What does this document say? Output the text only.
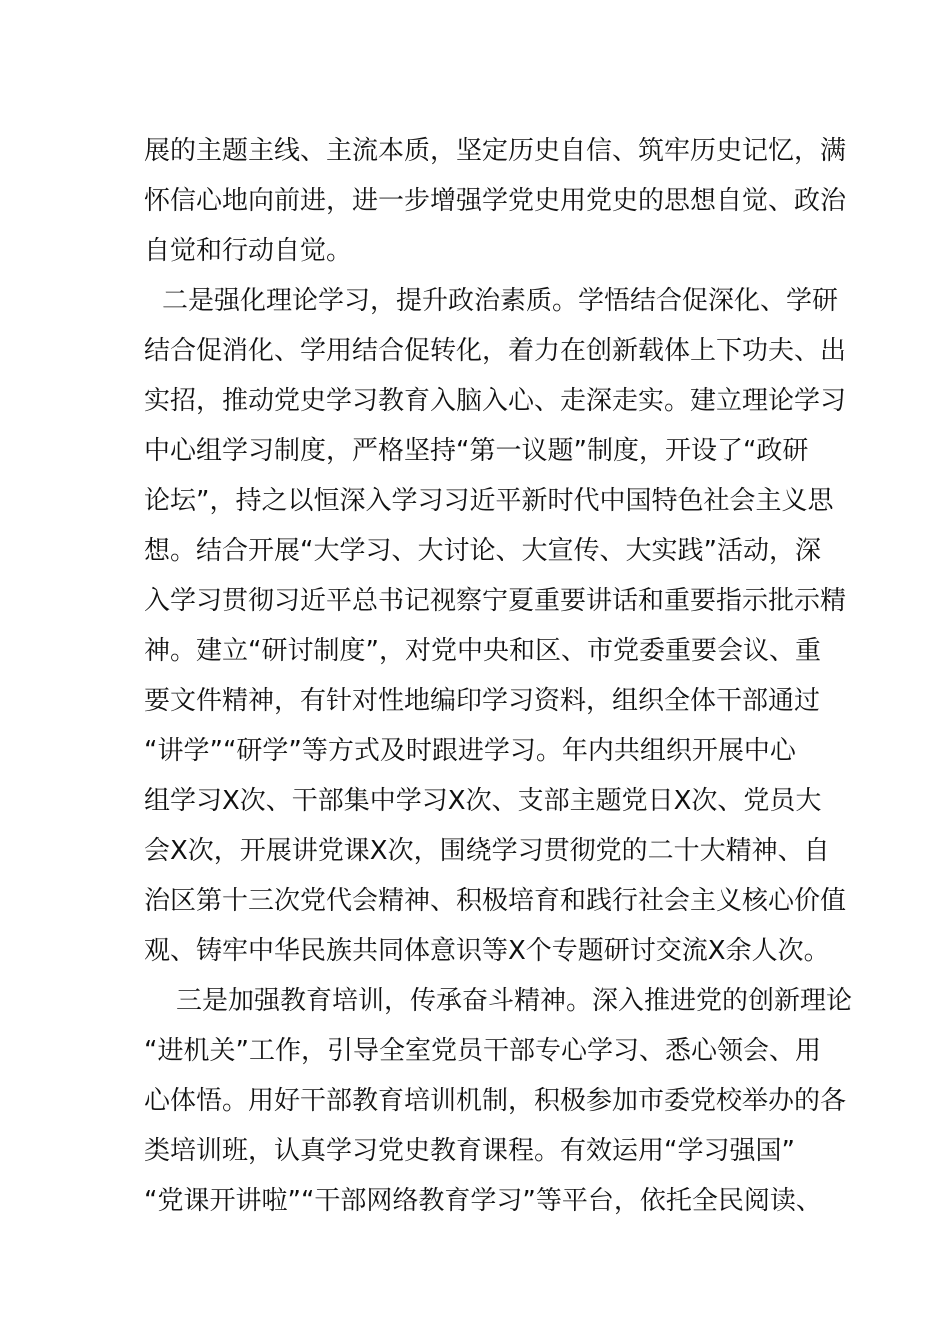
展的主题主线、主流本质，坚定历史自信、筑牢历史记忆，满
怀信心地向前进，进一步增强学党史用党史的思想自觉、政治
自觉和行动自觉。
二是强化理论学习，提升政治素质。学悟结合促深化、学研
结合促消化、学用结合促转化，着力在创新载体上下功夫、出
实招，推动党史学习教育入脑入心、走深走实。建立理论学习
中心组学习制度，严格坚持“第一议题”制度，开设了“政研
论坛”，持之以恒深入学习习近平新时代中国特色社会主义思
想。结合开展“大学习、大讨论、大宣传、大实践”活动，深
入学习贯彻习近平总书记视察宁夏重要讲话和重要指示批示精
神。建立“研讨制度”，对党中央和区、市党委重要会议、重
要文件精神，有针对性地编印学习资料，组织全体干部通过
“讲学”“研学”等方式及时跟进学习。年内共组织开展中心
组学习Ⅹ次、干部集中学习Ⅹ次、支部主题党日Ⅹ次、党员大
会Ⅹ次，开展讲党课Ⅹ次，围绕学习贯彻党的二十大精神、自
治区第十三次党代会精神、积极培育和践行社会主义核心价值
观、铸牢中华民族共同体意识等Ⅹ个专题研讨交流Ⅹ余人次。
三是加强教育培训，传承奋斗精神。深入推进党的创新理论
“进机关”工作，引导全室党员干部专心学习、悉心领会、用
心体悟。用好干部教育培训机制，积极参加市委党校举办的各
类培训班，认真学习党史教育课程。有效运用“学习强国”
“党课开讲啦”“干部网络教育学习”等平台，依托全民阅读、
